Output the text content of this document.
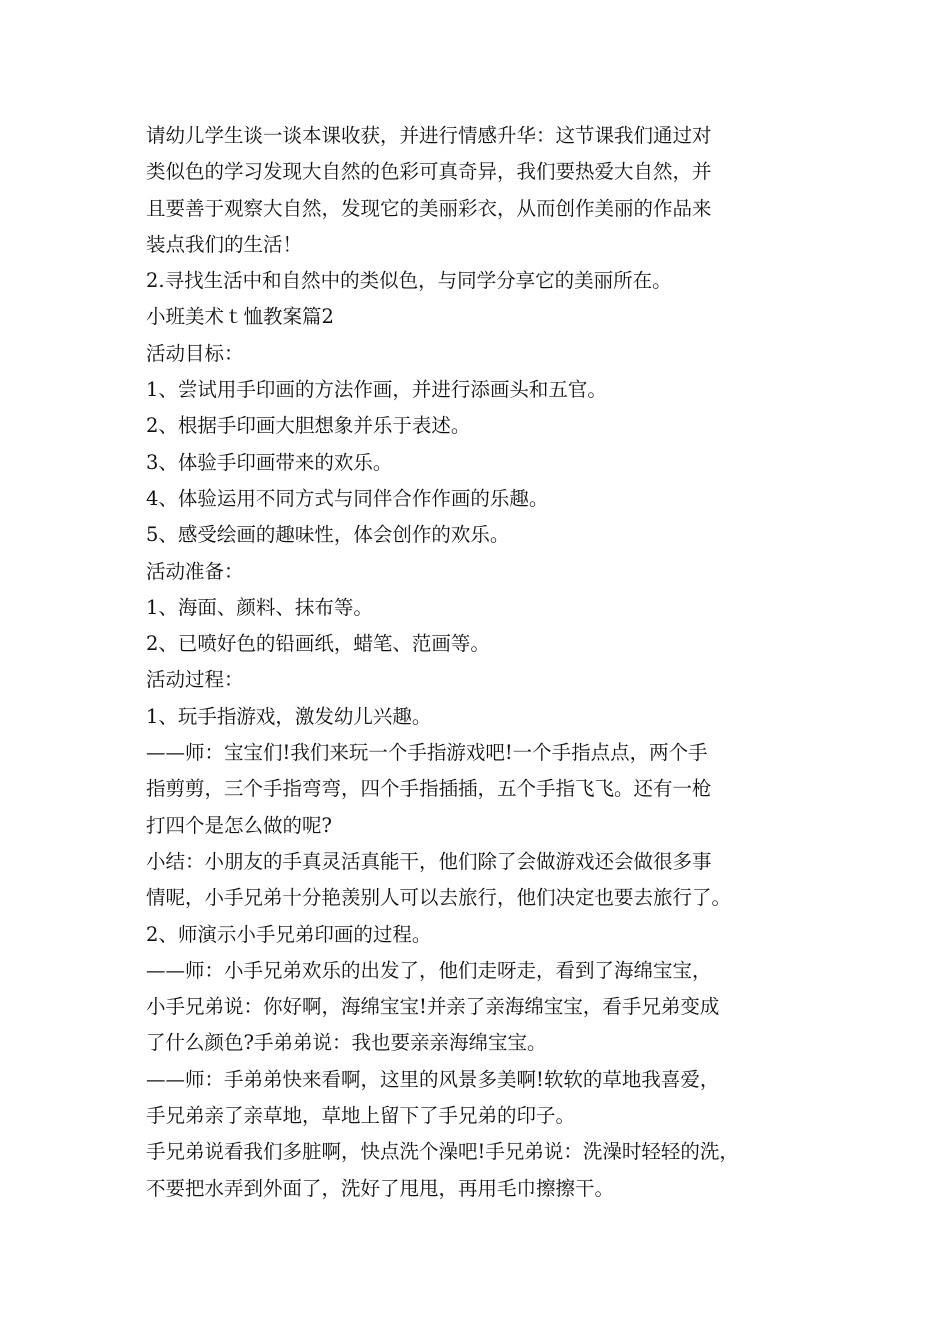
请幼儿学生谈一谈本课收获，并进行情感升华：这节课我们通过对
类似色的学习发现大自然的色彩可真奇异，我们要热爱大自然，并
且要善于观察大自然，发现它的美丽彩衣，从而创作美丽的作品来
装点我们的生活！
2.寻找生活中和自然中的类似色，与同学分享它的美丽所在。
小班美术ｔ恤教案篇2
活动目标：
1、尝试用手印画的方法作画，并进行添画头和五官。
2、根据手印画大胆想象并乐于表述。
3、体验手印画带来的欢乐。
4、体验运用不同方式与同伴合作作画的乐趣。
5、感受绘画的趣味性，体会创作的欢乐。
活动准备：
1、海面、颜料、抹布等。
2、已喷好色的铅画纸，蜡笔、范画等。
活动过程：
1、玩手指游戏，激发幼儿兴趣。
——师：宝宝们!我们来玩一个手指游戏吧!一个手指点点，两个手
指剪剪，三个手指弯弯，四个手指插插，五个手指飞飞。还有一枪
打四个是怎么做的呢?
小结：小朋友的手真灵活真能干，他们除了会做游戏还会做很多事
情呢，小手兄弟十分艳羡别人可以去旅行，他们决定也要去旅行了。
2、师演示小手兄弟印画的过程。
——师：小手兄弟欢乐的出发了，他们走呀走，看到了海绵宝宝，
小手兄弟说：你好啊，海绵宝宝!并亲了亲海绵宝宝，看手兄弟变成
了什么颜色?手弟弟说：我也要亲亲海绵宝宝。
——师：手弟弟快来看啊，这里的风景多美啊!软软的草地我喜爱，
手兄弟亲了亲草地，草地上留下了手兄弟的印子。
手兄弟说看我们多脏啊，快点洗个澡吧!手兄弟说：洗澡时轻轻的洗，
不要把水弄到外面了，洗好了甩甩，再用毛巾擦擦干。
